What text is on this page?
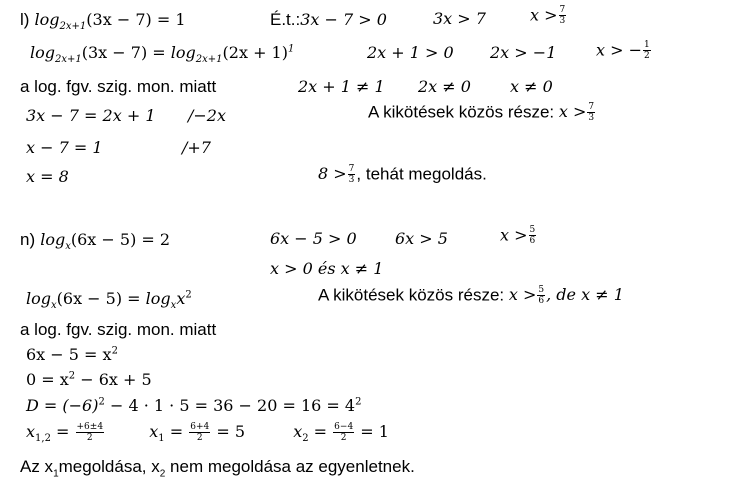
l) $\log_{2x+1}(3x - 7) = 1$	É.t.:3x − 7 > 0	3x > 7	$x > \frac{7}{3}$
$\log_{2x+1}(3x - 7) = \log_{2x+1}(2x + 1)^1$	2x + 1 > 0 2x > −1 x > − $\frac{1}{2}$
a log. fgv. szig. mon. miatt	2x + 1 ≠ 1 2x ≠ 0 x ≠ 0
3x − 7 = 2x + 1 /−2x	A kikötések közös része: $x > \frac{7}{3}$
x − 7 = 1	/+7
x = 8	$8 > \frac{7}{3}$ , tehát megoldás.
n) $\log_x(6x - 5) = 2$	6x − 5 > 0 6x > 5	$x > \frac{5}{6}$
x > 0 és x ≠ 1
$\log_x(6x - 5) = \log_xx^2$	A kikötések közös része: $x > \frac{5}{6}$ , de x ≠ 1
a log. fgv. szig. mon. miatt
$6x - 5 = x^2$
$0 = x^2 - 6x + 5$
$D = (-6)^2 - 4 \cdot 1 \cdot 5 = 36 - 20 = 16 = 4^2$
$x_{1,2} = \frac{+6\pm 4}{2}$	$x_1 = \frac{6+4}{2} = 5$	$x_2 = \frac{6-4}{2} = 1$
Az $x_1megoldása$, $x_2$ nem megoldása az egyenletnek.
